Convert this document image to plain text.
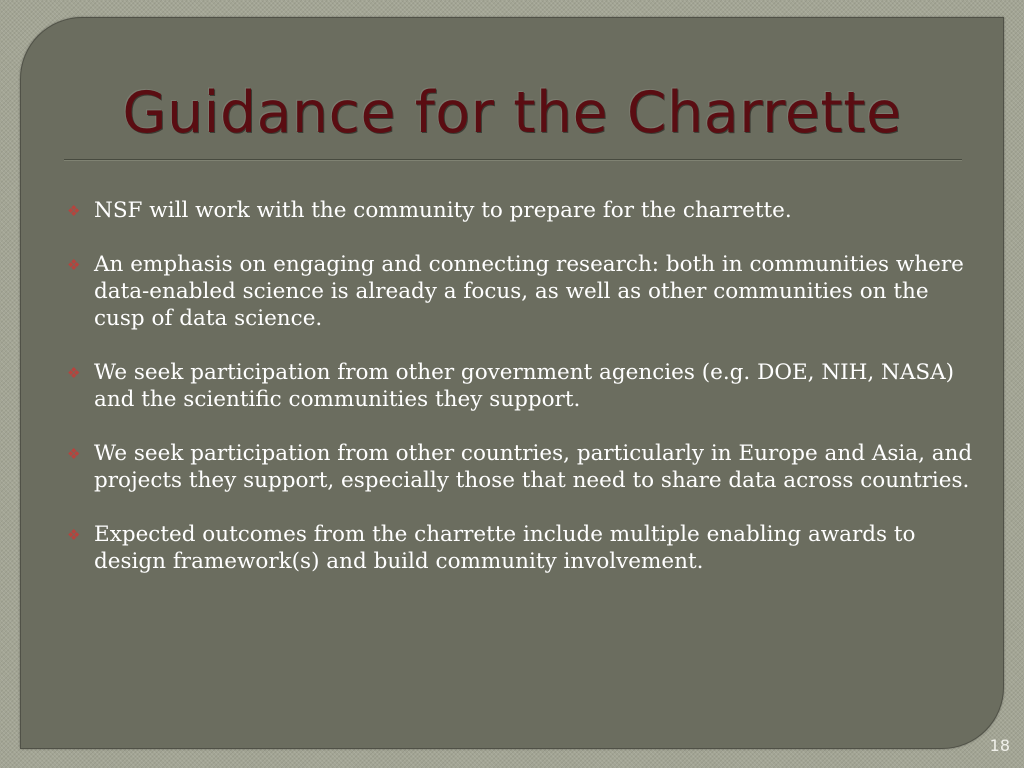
Guidance for the Charrette
❖ NSF will work with the community to prepare for the charrette.
❖ An emphasis on engaging and connecting research: both in communities where data-enabled science is already a focus, as well as other communities on the cusp of data science.
❖ We seek participation from other government agencies (e.g. DOE, NIH, NASA) and the scientific communities they support.
❖ We seek participation from other countries, particularly in Europe and Asia, and projects they support, especially those that need to share data across countries.
❖ Expected outcomes from the charrette include multiple enabling awards to design framework(s) and build community involvement.
18
